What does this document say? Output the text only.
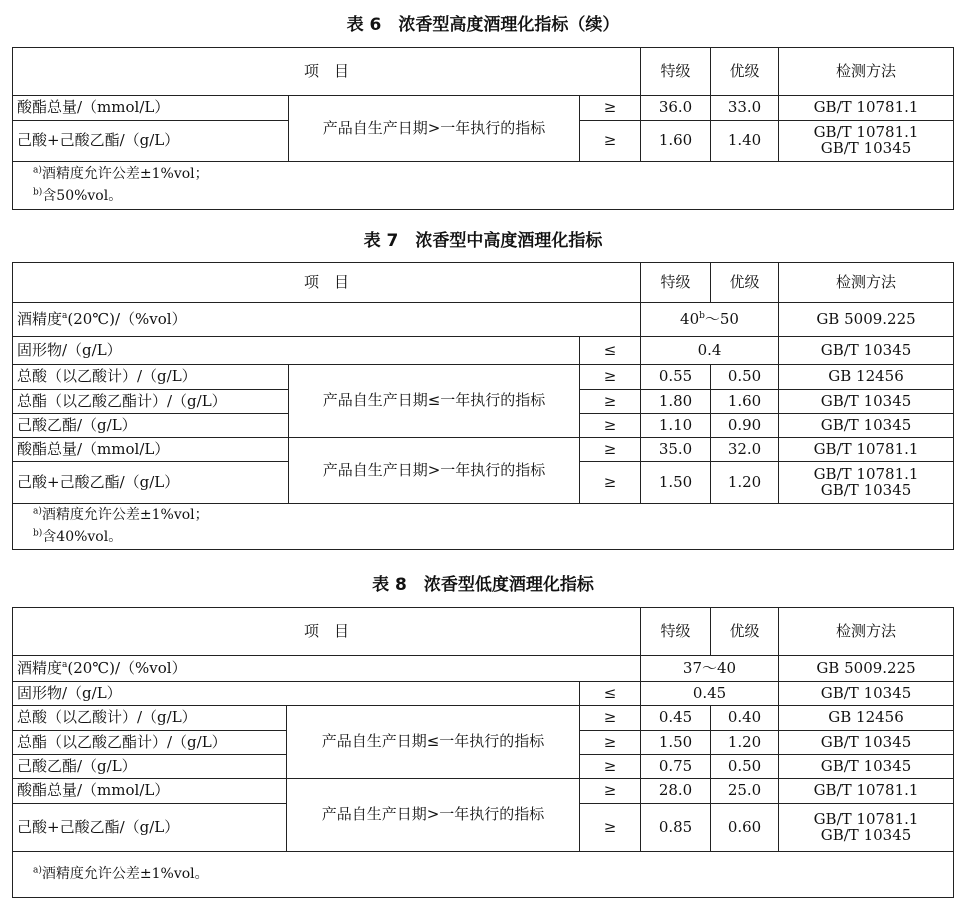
表 6　浓香型高度酒理化指标（续）
项　目			特级	优级	检测方法
酸酯总量/（mmol/L）	产品自生产日期>一年执行的指标	≥	36.0	33.0	GB/T 10781.1
己酸+己酸乙酯/（g/L）		≥	1.60	1.40	GB/T 10781.1
GB/T 10345

$^{a)}$酒精度允许公差±1%vol；
$^{b)}$含50%vol。					
表 7　浓香型中高度酒理化指标
项　目			特级	优级	检测方法
酒精度$^a$(20℃)/（%vol）			40$^b$～50		GB 5009.225
固形物/（g/L）		≤	0.4		GB/T 10345
总酸（以乙酸计）/（g/L）	产品自生产日期≤一年执行的指标	≥	0.55	0.50	GB 12456
总酯（以乙酸乙酯计）/（g/L）		≥	1.80	1.60	GB/T 10345
己酸乙酯/（g/L）		≥	1.10	0.90	GB/T 10345
酸酯总量/（mmol/L）	产品自生产日期>一年执行的指标	≥	35.0	32.0	GB/T 10781.1
己酸+己酸乙酯/（g/L）		≥	1.50	1.20	GB/T 10781.1
GB/T 10345

$^{a)}$酒精度允许公差±1%vol；
$^{b)}$含40%vol。					
表 8　浓香型低度酒理化指标
项　目			特级	优级	检测方法
酒精度$^a$(20℃)/（%vol）			37～40		GB 5009.225
固形物/（g/L）		≤	0.45		GB/T 10345
总酸（以乙酸计）/（g/L）	产品自生产日期≤一年执行的指标	≥	0.45	0.40	GB 12456
总酯（以乙酸乙酯计）/（g/L）		≥	1.50	1.20	GB/T 10345
己酸乙酯/（g/L）		≥	0.75	0.50	GB/T 10345
酸酯总量/（mmol/L）	产品自生产日期>一年执行的指标	≥	28.0	25.0	GB/T 10781.1
己酸+己酸乙酯/（g/L）		≥	0.85	0.60	GB/T 10781.1
GB/T 10345

$^{a)}$酒精度允许公差±1%vol。					
